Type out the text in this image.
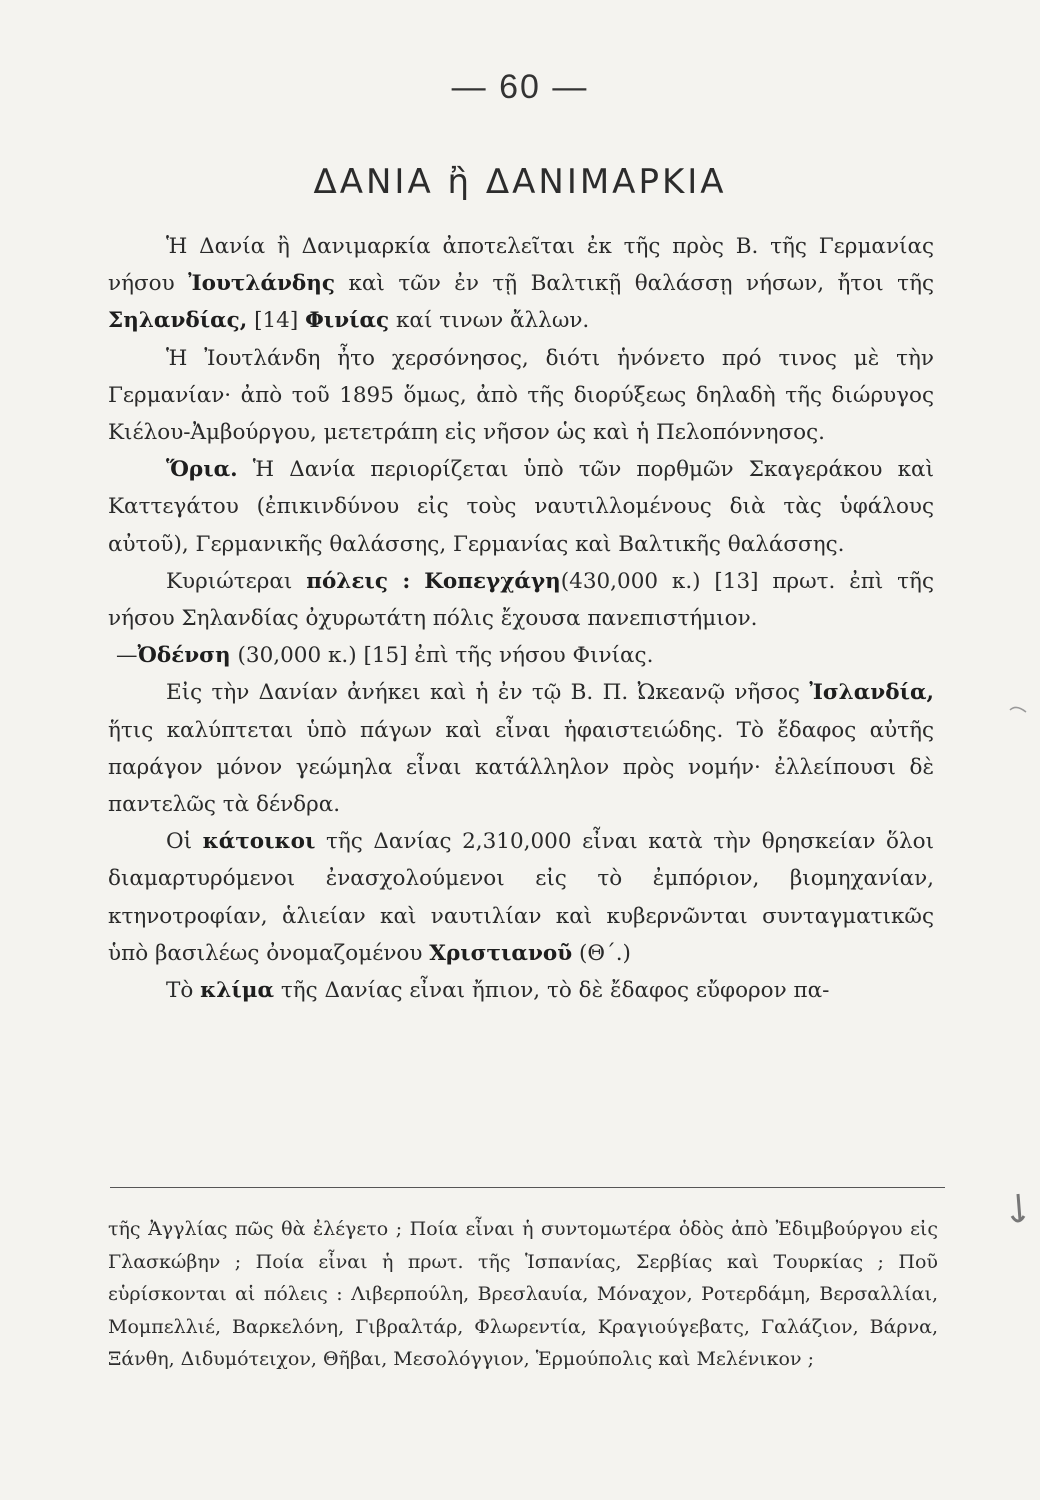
— 60 —
ΔΑΝΙΑ ἢ ΔΑΝΙΜΑΡΚΙΑ

Ἡ Δανία ἢ Δανιμαρκία ἀποτελεῖται ἐκ τῆς πρὸς Β. τῆς Γερμανίας νήσου Ἰουτλάνδης καὶ τῶν ἐν τῇ Βαλτικῇ θαλάσσῃ νήσων, ἤτοι τῆς Σηλανδίας, [14] Φινίας καί τινων ἄλλων.

Ἡ Ἰουτλάνδη ἦτο χερσόνησος, διότι ἡνόνετο πρό τινος μὲ τὴν Γερμανίαν· ἀπὸ τοῦ 1895 ὅμως, ἀπὸ τῆς διορύξεως δηλαδὴ τῆς διώρυγος Κιέλου-Ἀμβούργου, μετετράπη εἰς νῆσον ὡς καὶ ἡ Πελοπόννησος.

Ὅρια. Ἡ Δανία περιορίζεται ὑπὸ τῶν πορθμῶν Σκαγεράκου καὶ Καττεγάτου (ἐπικινδύνου εἰς τοὺς ναυτιλλομένους διὰ τὰς ὑφάλους αὐτοῦ), Γερμανικῆς θαλάσσης, Γερμανίας καὶ Βαλτικῆς θαλάσσης.

Κυριώτεραι πόλεις : Κοπεγχάγη(430,000 κ.) [13] πρωτ. ἐπὶ τῆς νήσου Σηλανδίας ὀχυρωτάτη πόλις ἔχουσα πανεπιστήμιον.

—Ὀδένση (30,000 κ.) [15] ἐπὶ τῆς νήσου Φινίας.

Εἰς τὴν Δανίαν ἀνήκει καὶ ἡ ἐν τῷ Β. Π. Ὠκεανῷ νῆσος Ἰσλανδία, ἥτις καλύπτεται ὑπὸ πάγων καὶ εἶναι ἡφαιστειώδης. Τὸ ἔδαφος αὐτῆς παράγον μόνον γεώμηλα εἶναι κατάλληλον πρὸς νομήν· ἐλλείπουσι δὲ παντελῶς τὰ δένδρα.

Οἱ κάτοικοι τῆς Δανίας 2,310,000 εἶναι κατὰ τὴν θρησκείαν ὅλοι διαμαρτυρόμενοι ἐνασχολούμενοι εἰς τὸ ἐμπόριον, βιομηχανίαν, κτηνοτροφίαν, ἁλιείαν καὶ ναυτιλίαν καὶ κυβερνῶνται συνταγματικῶς ὑπὸ βασιλέως ὀνομαζομένου Χριστιανοῦ (Θ΄.)

Τὸ κλίμα τῆς Δανίας εἶναι ἤπιον, τὸ δὲ ἔδαφος εὔφορον πα-

τῆς Ἀγγλίας πῶς θὰ ἐλέγετο ; Ποία εἶναι ἡ συντομωτέρα ὁδὸς ἀπὸ Ἐδιμβούργου εἰς Γλασκώβην ; Ποία εἶναι ἡ πρωτ. τῆς Ἱσπανίας, Σερβίας καὶ Τουρκίας ; Ποῦ εὑρίσκονται αἱ πόλεις : Λιβερπούλη, Βρεσλαυία, Μόναχον, Ροτερδάμη, Βερσαλλίαι, Μομπελλιέ, Βαρκελόνη, Γιβραλτάρ, Φλωρεντία, Κραγιούγεβατς, Γαλάζιον, Βάρνα, Ξάνθη, Διδυμότειχον, Θῆβαι, Μεσολόγγιον, Ἑρμούπολις καὶ Μελένικον ;
